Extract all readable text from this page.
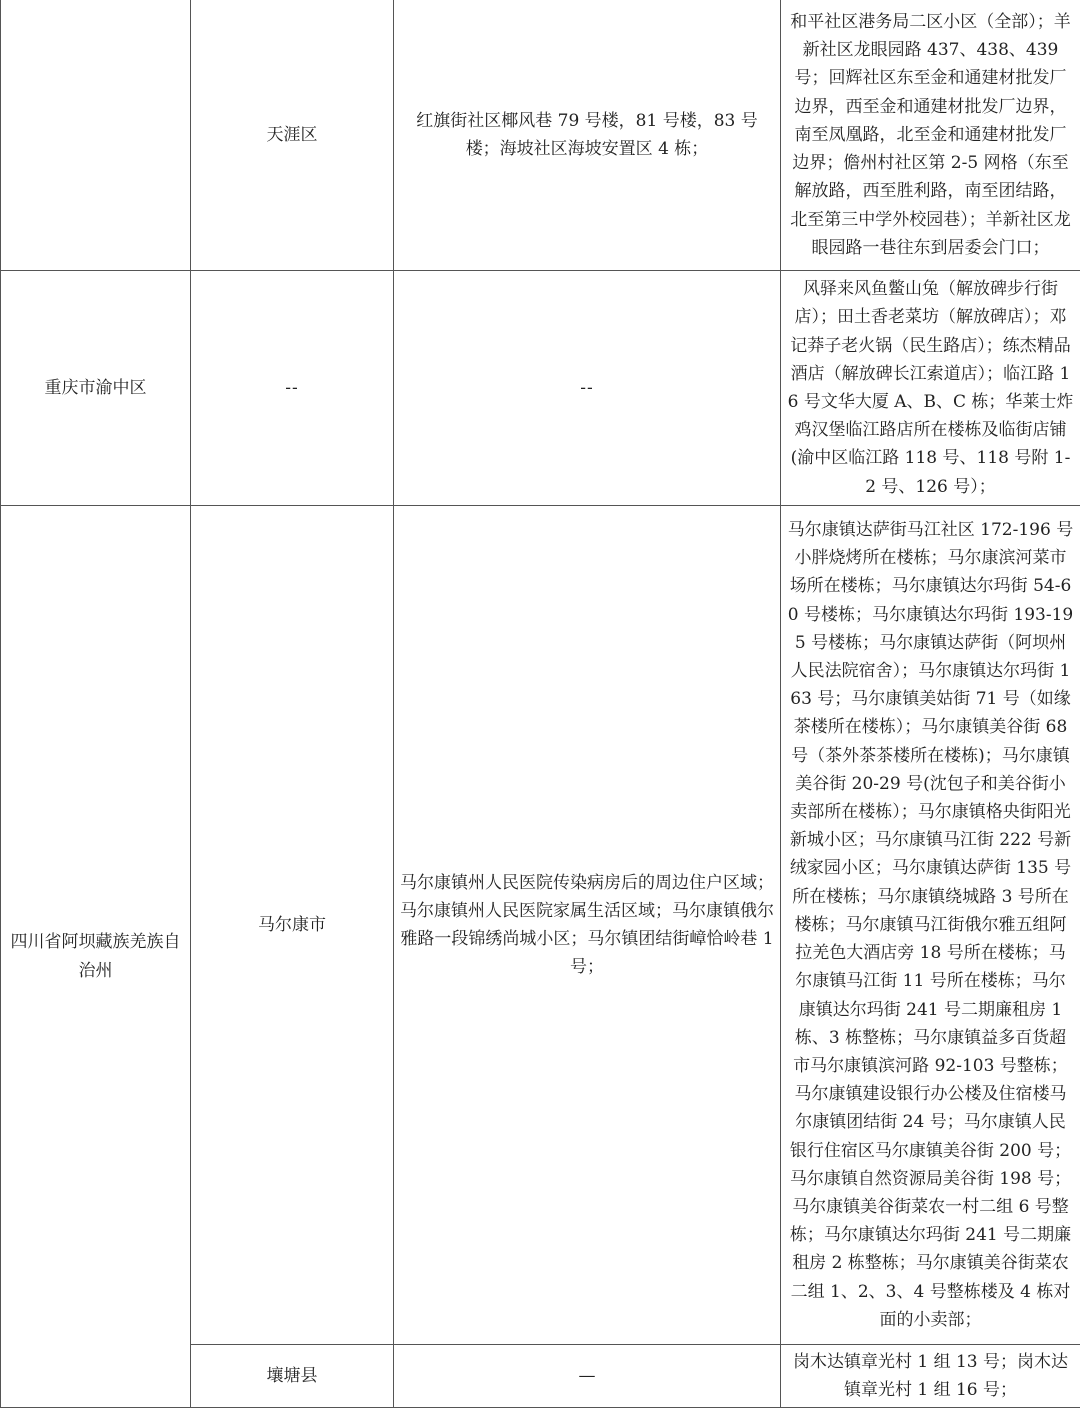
	天涯区	红旗街社区椰风巷 79 号楼，81 号楼，83 号楼；海坡社区海坡安置区 4 栋；	和平社区港务局二区小区（全部）；羊新社区龙眼园路 437、438、439 号；回辉社区东至金和通建材批发厂边界，西至金和通建材批发厂边界，南至凤凰路，北至金和通建材批发厂边界；儋州村社区第 2-5 网格（东至解放路，西至胜利路，南至团结路，北至第三中学外校园巷）；羊新社区龙眼园路一巷往东到居委会门口；
重庆市渝中区	--	--	风驿来风鱼鳖山兔（解放碑步行街店）；田土香老菜坊（解放碑店）；邓记莽子老火锅（民生路店）；练杰精品酒店（解放碑长江索道店）；临江路 16 号文华大厦 A、B、C 栋；华莱士炸鸡汉堡临江路店所在楼栋及临街店铺(渝中区临江路 118 号、118 号附 1-2 号、126 号）；
四川省阿坝藏族羌族自治州	马尔康市	马尔康镇州人民医院传染病房后的周边住户区域；马尔康镇州人民医院家属生活区域；马尔康镇俄尔雅路一段锦绣尚城小区；马尔镇团结街嶂恰岭巷 1 号；	马尔康镇达萨街马江社区 172-196 号小胖烧烤所在楼栋；马尔康滨河菜市场所在楼栋；马尔康镇达尔玛街 54-60 号楼栋；马尔康镇达尔玛街 193-195 号楼栋；马尔康镇达萨街（阿坝州人民法院宿舍）；马尔康镇达尔玛街 163 号；马尔康镇美姑街 71 号（如缘茶楼所在楼栋）；马尔康镇美谷街 68 号（茶外茶茶楼所在楼栋)；马尔康镇美谷街 20-29 号(沈包子和美谷街小卖部所在楼栋）；马尔康镇格央街阳光新城小区；马尔康镇马江街 222 号新绒家园小区；马尔康镇达萨街 135 号所在楼栋；马尔康镇绕城路 3 号所在楼栋；马尔康镇马江街俄尔雅五组阿拉羌色大酒店旁 18 号所在楼栋；马尔康镇马江街 11 号所在楼栋；马尔康镇达尔玛街 241 号二期廉租房 1 栋、3 栋整栋；马尔康镇益多百货超市马尔康镇滨河路 92-103 号整栋；马尔康镇建设银行办公楼及住宿楼马尔康镇团结街 24 号；马尔康镇人民银行住宿区马尔康镇美谷街 200 号；马尔康镇自然资源局美谷街 198 号；马尔康镇美谷街菜农一村二组 6 号整栋；马尔康镇达尔玛街 241 号二期廉租房 2 栋整栋；马尔康镇美谷街菜农二组 1、2、3、4 号整栋楼及 4 栋对面的小卖部；
	壤塘县	—	岗木达镇章光村 1 组 13 号；岗木达镇章光村 1 组 16 号；
